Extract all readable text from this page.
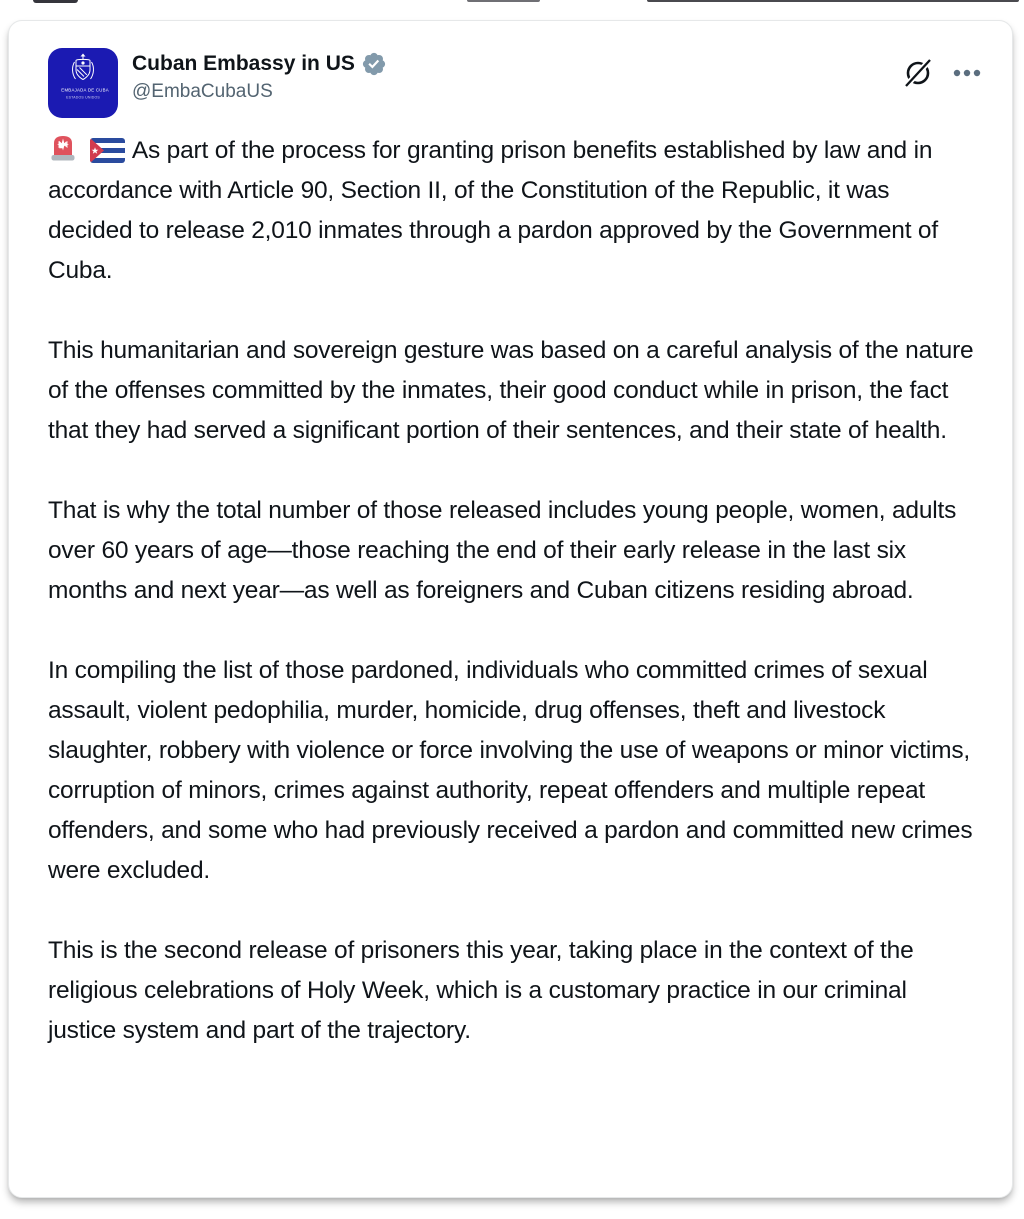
EMBAJADA DE CUBA
ESTADOS UNIDOS
Cuban Embassy in US
@EmbaCubaUS

As part of the process for granting prison benefits established by law and in accordance with Article 90, Section II, of the Constitution of the Republic, it was decided to release 2,010 inmates through a pardon approved by the Government of Cuba.

This humanitarian and sovereign gesture was based on a careful analysis of the nature of the offenses committed by the inmates, their good conduct while in prison, the fact that they had served a significant portion of their sentences, and their state of health.

That is why the total number of those released includes young people, women, adults over 60 years of age—those reaching the end of their early release in the last six months and next year—as well as foreigners and Cuban citizens residing abroad.

In compiling the list of those pardoned, individuals who committed crimes of sexual assault, violent pedophilia, murder, homicide, drug offenses, theft and livestock slaughter, robbery with violence or force involving the use of weapons or minor victims, corruption of minors, crimes against authority, repeat offenders and multiple repeat offenders, and some who had previously received a pardon and committed new crimes were excluded.

This is the second release of prisoners this year, taking place in the context of the religious celebrations of Holy Week, which is a customary practice in our criminal justice system and part of the trajectory.
